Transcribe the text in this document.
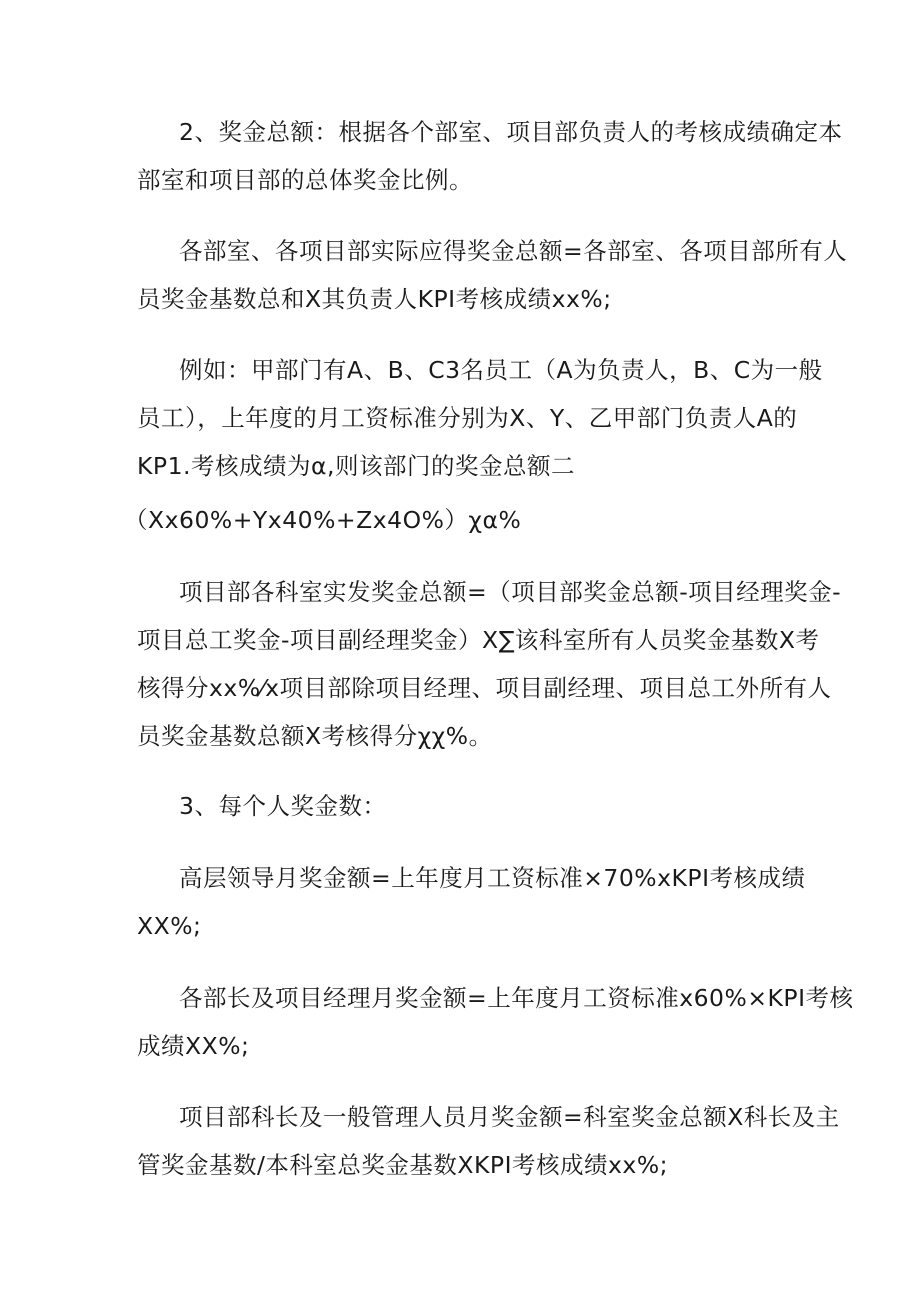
2、奖金总额：根据各个部室、项目部负责人的考核成绩确定本
部室和项目部的总体奖金比例。
各部室、各项目部实际应得奖金总额=各部室、各项目部所有人
员奖金基数总和X其负责人KPI考核成绩xx%;
例如：甲部门有A、B、C3名员工（A为负责人，B、C为一般
员工），上年度的月工资标准分别为X、Y、乙甲部门负责人A的
KP1.考核成绩为α,则该部门的奖金总额二
（Xx60%+Yx40%+Zx4O%）χα%
项目部各科室实发奖金总额=（项目部奖金总额-项目经理奖金-
项目总工奖金-项目副经理奖金）X∑该科室所有人员奖金基数X考
核得分xx%⁄x项目部除项目经理、项目副经理、项目总工外所有人
员奖金基数总额X考核得分χχ%。
3、每个人奖金数：
高层领导月奖金额=上年度月工资标准×70%xKPI考核成绩
XX%;
各部长及项目经理月奖金额=上年度月工资标准x60%×KPI考核
成绩XX%;
项目部科长及一般管理人员月奖金额=科室奖金总额X科长及主
管奖金基数/本科室总奖金基数XKPI考核成绩xx%;
